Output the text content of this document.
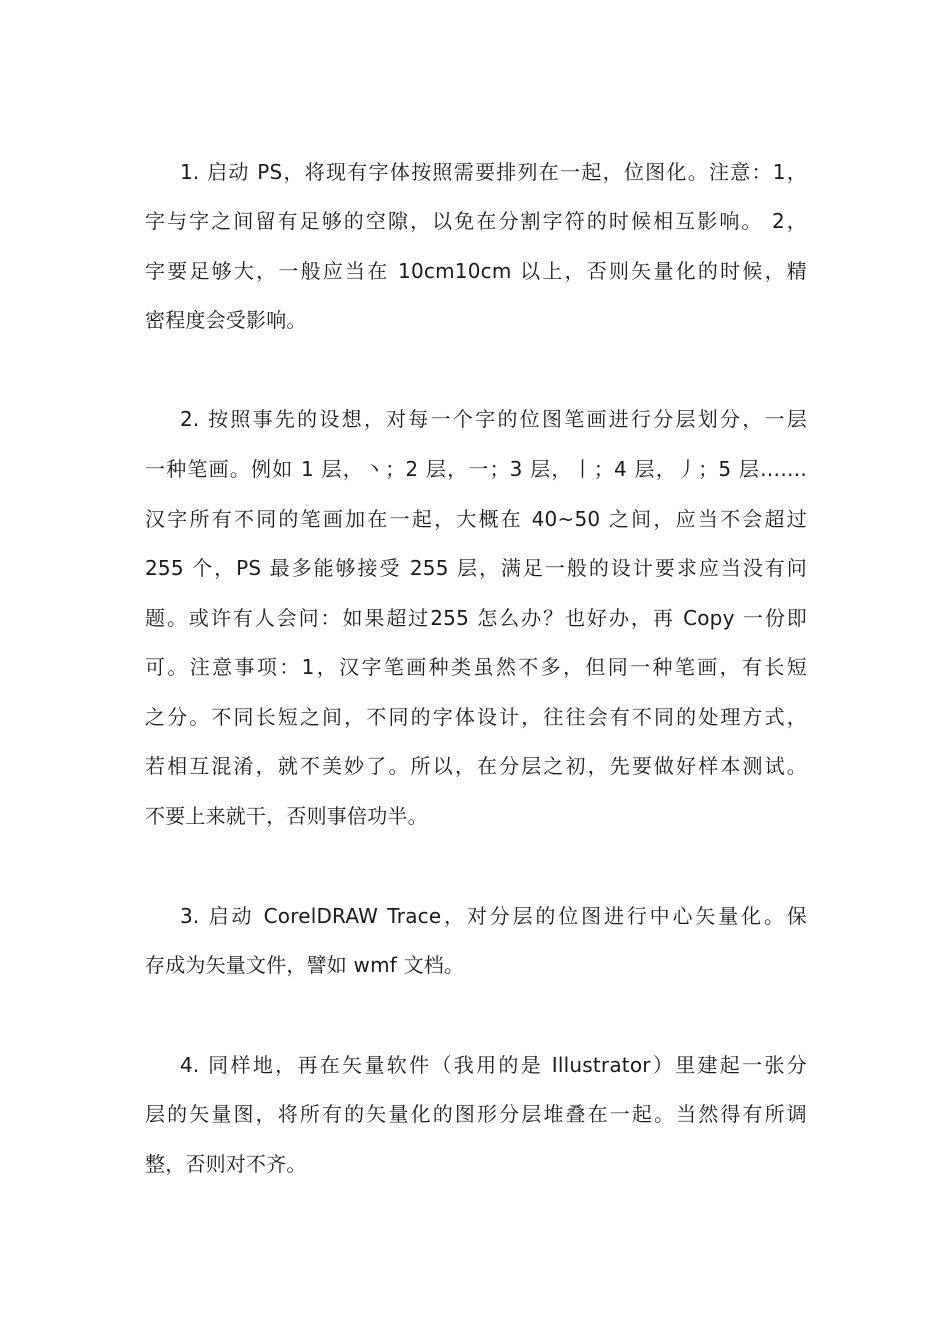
1. 启动 PS，将现有字体按照需要排列在一起，位图化。注意：1，
字与字之间留有足够的空隙，以免在分割字符的时候相互影响。 2，
字要足够大，一般应当在 10cm10cm 以上，否则矢量化的时候，精
密程度会受影响。
2. 按照事先的设想，对每一个字的位图笔画进行分层划分，一层
一种笔画。例如 1 层，丶；2 层，一；3 层，丨；4 层，丿；5 层…….
汉字所有不同的笔画加在一起，大概在 40~50 之间，应当不会超过
255 个，PS 最多能够接受 255 层，满足一般的设计要求应当没有问
题。或许有人会问：如果超过255 怎么办？也好办，再 Copy 一份即
可。注意事项：1，汉字笔画种类虽然不多，但同一种笔画，有长短
之分。不同长短之间，不同的字体设计，往往会有不同的处理方式，
若相互混淆，就不美妙了。所以，在分层之初，先要做好样本测试。
不要上来就干，否则事倍功半。
3. 启动 CorelDRAW Trace，对分层的位图进行中心矢量化。保
存成为矢量文件，譬如 wmf 文档。
4. 同样地，再在矢量软件（我用的是 Illustrator）里建起一张分
层的矢量图，将所有的矢量化的图形分层堆叠在一起。当然得有所调
整，否则对不齐。
